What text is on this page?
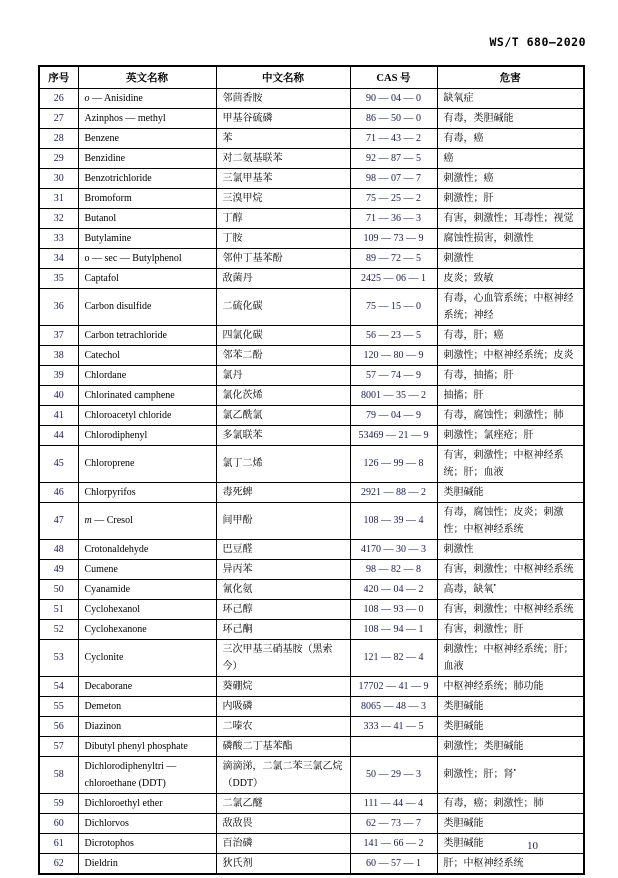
WS/T 680—2020
序号	英文名称	中文名称	CAS 号	危害
26	o — Anisidine	邻茴香胺	90 — 04 — 0	缺氧症
27	Azinphos — methyl	甲基谷硫磷	86 — 50 — 0	有毒，类胆碱能
28	Benzene	苯	71 — 43 — 2	有毒，癌
29	Benzidine	对二氨基联苯	92 — 87 — 5	癌
30	Benzotrichloride	三氯甲基苯	98 — 07 — 7	刺激性；癌
31	Bromoform	三溴甲烷	75 — 25 — 2	刺激性；肝
32	Butanol	丁醇	71 — 36 — 3	有害，刺激性；耳毒性；视觉
33	Butylamine	丁胺	109 — 73 — 9	腐蚀性损害，刺激性
34	o — sec — Butylphenol	邻仲丁基苯酚	89 — 72 — 5	刺激性
35	Captafol	敌菌丹	2425 — 06 — 1	皮炎；致敏
36	Carbon disulfide	二硫化碳	75 — 15 — 0	有毒，心血管系统；中枢神经系统；神经
37	Carbon tetrachloride	四氯化碳	56 — 23 — 5	有毒，肝；癌
38	Catechol	邻苯二酚	120 — 80 — 9	刺激性；中枢神经系统；皮炎
39	Chlordane	氯丹	57 — 74 — 9	有毒，抽搐；肝
40	Chlorinated camphene	氯化茨烯	8001 — 35 — 2	抽搐；肝
41	Chloroacetyl chloride	氯乙酰氯	79 — 04 — 9	有毒，腐蚀性；刺激性；肺
44	Chlorodiphenyl	多氯联苯	53469 — 21 — 9	刺激性；氯痤疮；肝
45	Chloroprene	氯丁二烯	126 — 99 — 8	有害，刺激性；中枢神经系统；肝；血液
46	Chlorpyrifos	毒死蜱	2921 — 88 — 2	类胆碱能
47	m — Cresol	间甲酚	108 — 39 — 4	有毒，腐蚀性；皮炎；刺激性；中枢神经系统
48	Crotonaldehyde	巴豆醛	4170 — 30 — 3	刺激性
49	Cumene	异丙苯	98 — 82 — 8	有害，刺激性；中枢神经系统
50	Cyanamide	氰化氨	420 — 04 — 2	高毒，缺氧•
51	Cyclohexanol	环己醇	108 — 93 — 0	有害，刺激性；中枢神经系统
52	Cyclohexanone	环己酮	108 — 94 — 1	有害，刺激性；肝
53	Cyclonite	三次甲基三硝基胺（黑索今）	121 — 82 — 4	刺激性；中枢神经系统；肝；血液
54	Decaborane	葵硼烷	17702 — 41 — 9	中枢神经系统；肺功能
55	Demeton	内吸磷	8065 — 48 — 3	类胆碱能
56	Diazinon	二嗪农	333 — 41 — 5	类胆碱能
57	Dibutyl phenyl phosphate	磷酸二丁基苯酯		刺激性；类胆碱能
58	Dichlorodiphenyltri — chloroethane (DDT)	滴滴涕，二氯二苯三氯乙烷（DDT）	50 — 29 — 3	刺激性；肝；肾•
59	Dichloroethyl ether	二氯乙醚	111 — 44 — 4	有毒，癌；刺激性；肺
60	Dichlorvos	敌敌畏	62 — 73 — 7	类胆碱能
61	Dicrotophos	百治磷	141 — 66 — 2	类胆碱能
62	Dieldrin	狄氏剂	60 — 57 — 1	肝；中枢神经系统
10
